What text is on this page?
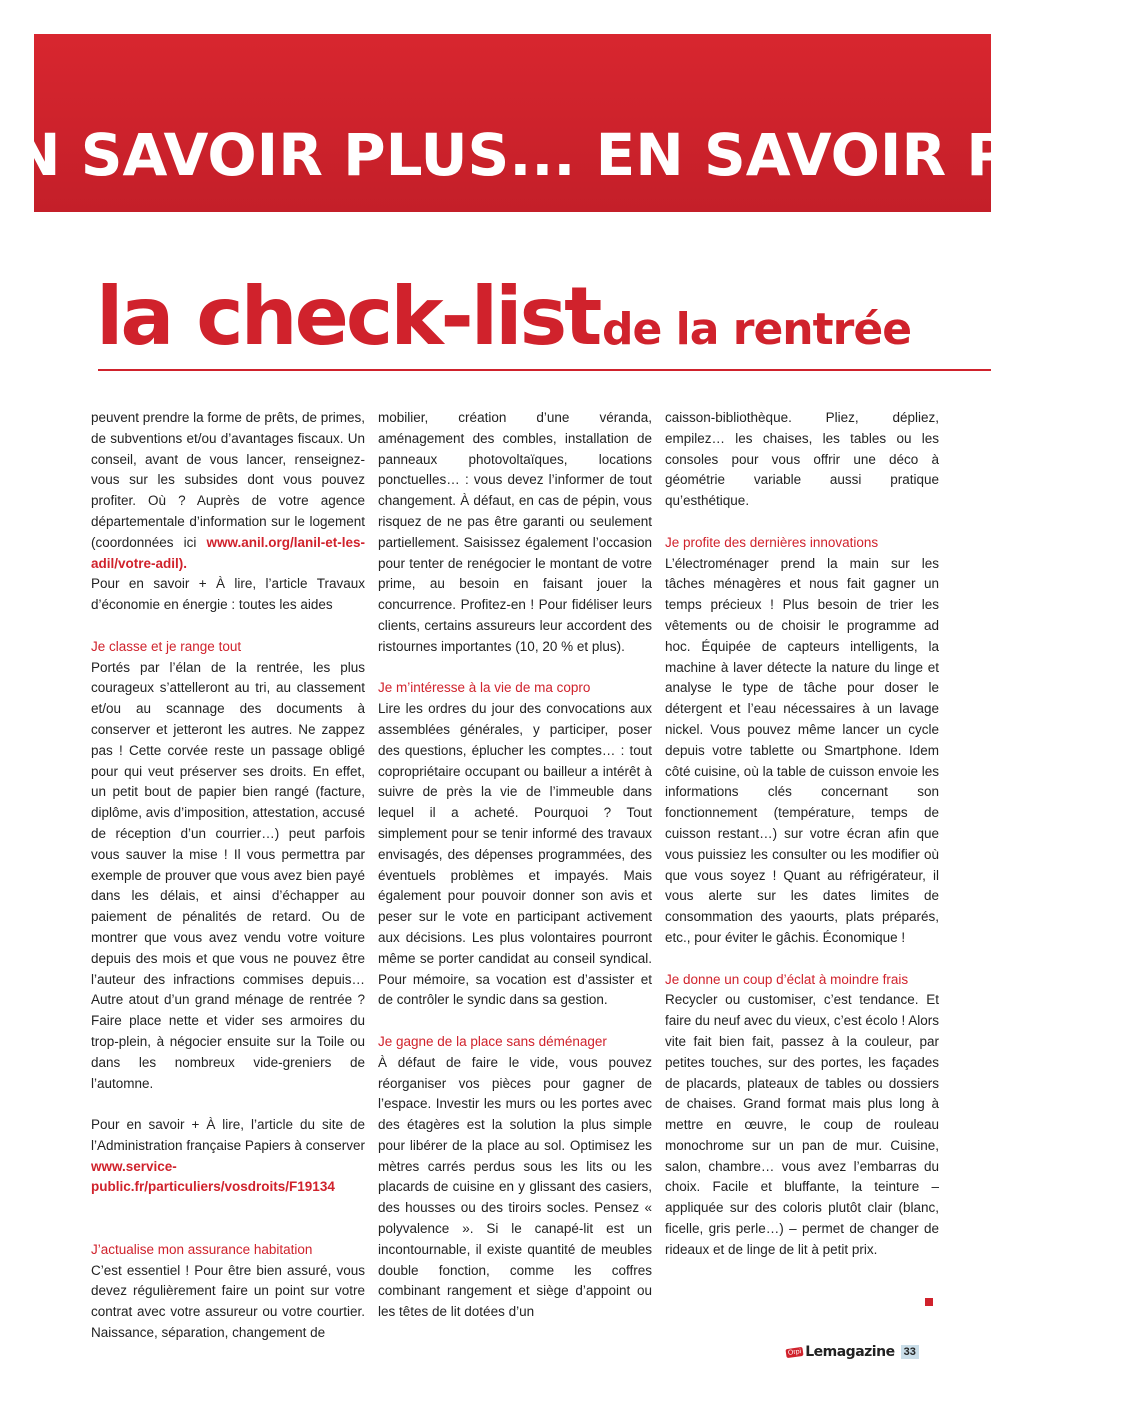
N SAVOIR PLUS... EN SAVOIR PLUS
la check-list de la rentrée

peuvent prendre la forme de prêts, de primes, de subventions et/ou d’avantages fiscaux. Un conseil, avant de vous lancer, renseignez-vous sur les subsides dont vous pouvez profiter. Où ? Auprès de votre agence départementale d’information sur le logement (coordonnées ici www.anil.org/lanil-et-les-adil/votre-adil).

Pour en savoir + À lire, l’article Travaux d’économie en énergie : toutes les aides

Je classe et je range tout

Portés par l’élan de la rentrée, les plus courageux s’attelleront au tri, au classement et/ou au scannage des documents à conserver et jetteront les autres. Ne zappez pas ! Cette corvée reste un passage obligé pour qui veut préserver ses droits. En effet, un petit bout de papier bien rangé (facture, diplôme, avis d’imposition, attestation, accusé de réception d’un courrier…) peut parfois vous sauver la mise ! Il vous permettra par exemple de prouver que vous avez bien payé dans les délais, et ainsi d’échapper au paiement de pénalités de retard. Ou de montrer que vous avez vendu votre voiture depuis des mois et que vous ne pouvez être l’auteur des infractions commises depuis… Autre atout d’un grand ménage de rentrée ? Faire place nette et vider ses armoires du trop-plein, à négocier ensuite sur la Toile ou dans les nombreux vide-greniers de l’automne.

Pour en savoir + À lire, l’article du site de l’Administration française Papiers à conserver www.service-public.fr/particuliers/vosdroits/F19134

J’actualise mon assurance habitation

C’est essentiel ! Pour être bien assuré, vous devez régulièrement faire un point sur votre contrat avec votre assureur ou votre courtier. Naissance, séparation, changement de

mobilier, création d’une véranda, aménagement des combles, installation de panneaux photovoltaïques, locations ponctuelles… : vous devez l’informer de tout changement. À défaut, en cas de pépin, vous risquez de ne pas être garanti ou seulement partiellement. Saisissez également l’occasion pour tenter de renégocier le montant de votre prime, au besoin en faisant jouer la concurrence. Profitez-en ! Pour fidéliser leurs clients, certains assureurs leur accordent des ristournes importantes (10, 20 % et plus).

Je m’intéresse à la vie de ma copro

Lire les ordres du jour des convocations aux assemblées générales, y participer, poser des questions, éplucher les comptes… : tout copropriétaire occupant ou bailleur a intérêt à suivre de près la vie de l’immeuble dans lequel il a acheté. Pourquoi ? Tout simplement pour se tenir informé des travaux envisagés, des dépenses programmées, des éventuels problèmes et impayés. Mais également pour pouvoir donner son avis et peser sur le vote en participant activement aux décisions. Les plus volontaires pourront même se porter candidat au conseil syndical. Pour mémoire, sa vocation est d’assister et de contrôler le syndic dans sa gestion.

Je gagne de la place sans déménager

À défaut de faire le vide, vous pouvez réorganiser vos pièces pour gagner de l’espace. Investir les murs ou les portes avec des étagères est la solution la plus simple pour libérer de la place au sol. Optimisez les mètres carrés perdus sous les lits ou les placards de cuisine en y glissant des casiers, des housses ou des tiroirs socles. Pensez « polyvalence ». Si le canapé-lit est un incontournable, il existe quantité de meubles double fonction, comme les coffres combinant rangement et siège d’appoint ou les têtes de lit dotées d’un

caisson-bibliothèque. Pliez, dépliez, empilez… les chaises, les tables ou les consoles pour vous offrir une déco à géométrie variable aussi pratique qu’esthétique.

Je profite des dernières innovations

L’électroménager prend la main sur les tâches ménagères et nous fait gagner un temps précieux ! Plus besoin de trier les vêtements ou de choisir le programme ad hoc. Équipée de capteurs intelligents, la machine à laver détecte la nature du linge et analyse le type de tâche pour doser le détergent et l’eau nécessaires à un lavage nickel. Vous pouvez même lancer un cycle depuis votre tablette ou Smartphone. Idem côté cuisine, où la table de cuisson envoie les informations clés concernant son fonctionnement (température, temps de cuisson restant…) sur votre écran afin que vous puissiez les consulter ou les modifier où que vous soyez ! Quant au réfrigérateur, il vous alerte sur les dates limites de consommation des yaourts, plats préparés, etc., pour éviter le gâchis. Économique !

Je donne un coup d’éclat à moindre frais

Recycler ou customiser, c’est tendance. Et faire du neuf avec du vieux, c’est écolo ! Alors vite fait bien fait, passez à la couleur, par petites touches, sur des portes, les façades de placards, plateaux de tables ou dossiers de chaises. Grand format mais plus long à mettre en œuvre, le coup de rouleau monochrome sur un pan de mur. Cuisine, salon, chambre… vous avez l’embarras du choix. Facile et bluffante, la teinture – appliquée sur des coloris plutôt clair (blanc, ficelle, gris perle…) – permet de changer de rideaux et de linge de lit à petit prix.

Orpi Lemagazine 33
